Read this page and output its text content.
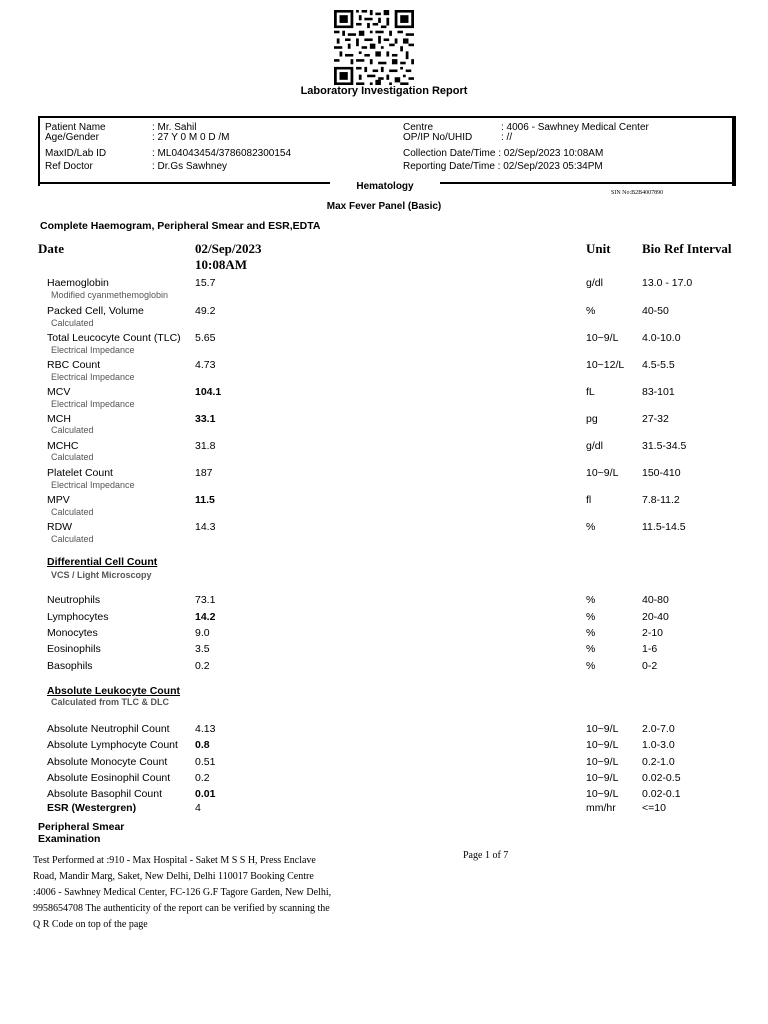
Laboratory Investigation Report
Patient Name	: Mr. Sahil
Age/Gender	: 27 Y 0 M 0 D /M
MaxID/Lab ID	: ML04043454/3786082300154
Ref Doctor	: Dr.Gs Sawhney
Centre	: 4006 - Sawhney Medical Center
OP/IP No/UHID	: //
Collection Date/Time : 02/Sep/2023 10:08AM
Reporting Date/Time : 02/Sep/2023 05:34PM
Hematology
SIN No:B2B4007890
Max Fever Panel (Basic)
Complete Haemogram, Peripheral Smear and ESR,EDTA
Date	02/Sep/2023
10:08AM
Unit Bio Ref Interval
Haemoglobin
Modified cyanmethemoglobin
15.7	g/dl	13.0 - 17.0
Packed Cell, Volume
Calculated
49.2	%	40-50
Total Leucocyte Count (TLC)
Electrical Impedance
5.65	10~9/L 4.0-10.0
RBC Count
Electrical Impedance
4.73	10~12/L 4.5-5.5
MCV
Electrical Impedance
104.1	fL	83-101
MCH
Calculated
33.1	pg	27-32
MCHC
Calculated
31.8	g/dl	31.5-34.5
Platelet Count
Electrical Impedance
187	10~9/L 150-410
MPV
Calculated
11.5	fl	7.8-11.2
RDW
Calculated
14.3	%	11.5-14.5
Differential Cell Count
VCS / Light Microscopy
Neutrophils	73.1	%	40-80
Lymphocytes	14.2	%	20-40
Monocytes	9.0	%	2-10
Eosinophils	3.5	%	1-6
Basophils	0.2	%	0-2
Absolute Leukocyte Count
Calculated from TLC & DLC
Absolute Neutrophil Count 4.13	10~9/L 2.0-7.0
Absolute Lymphocyte Count 0.8	10~9/L 1.0-3.0
Absolute Monocyte Count	0.51	10~9/L 0.2-1.0
Absolute Eosinophil Count 0.2	10~9/L 0.02-0.5
Absolute Basophil Count	0.01	10~9/L 0.02-0.1
ESR (Westergren)	4	mm/hr	<=10
Peripheral Smear
Examination
Test Performed at :910 - Max Hospital - Saket M S S H, Press Enclave Road, Mandir Marg, Saket, New Delhi, Delhi 110017 Booking Centre :4006 - Sawhney Medical Center, FC-126 G.F Tagore Garden, New Delhi, 9958654708 The authenticity of the report can be verified by scanning the Q R Code on top of the page
Page 1 of 7
